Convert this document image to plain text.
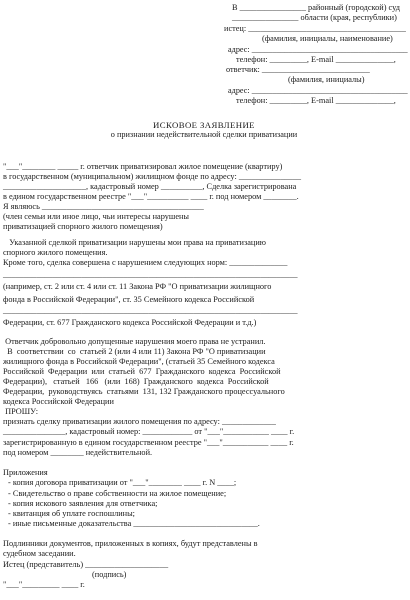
В ________________ районный (городской) суд
________________ области (края, республики)
истец: ______________________________________
(фамилия, инициалы, наименование)
адрес: ______________________________________
телефон: _________, E-mail ______________,
ответчик: __________________________
(фамилия, инициалы)
адрес: ______________________________________
телефон: _________, E-mail ______________,
ИСКОВОЕ ЗАЯВЛЕНИЕ
о признании недействительной сделки приватизации
"___"________ _____ г. ответчик приватизировал жилое помещение (квартиру)
в государственном (муниципальном) жилищном фонде по адресу: _______________
____________________, кадастровый номер __________, Сделка зарегистрирована
в едином государственном реестре "___"__________ ____ г. под номером ________.
Я являюсь _______________________________________
(член семьи или иное лицо, чьи интересы нарушены
приватизацией спорного жилого помещения)
Указанной сделкой приватизации нарушены мои права на приватизацию
спорного жилого помещения.
Кроме того, сделка совершена с нарушением следующих норм: ______________
_______________________________________________________________________
(например, ст. 2 или ст. 4 или ст. 11 Закона РФ "О приватизации жилищного
фонда в Российской Федерации", ст. 35 Семейного кодекса Российской
_______________________________________________________________________
Федерации, ст. 677 Гражданского кодекса Российской Федерации и т.д.)
Ответчик добровольно допущенные нарушения моего права не устранил.
В  соответствии  со  статьей 2 (или 4 или 11) Закона РФ "О приватизации
жилищного фонда в Российской Федерации", (статьей 35 Семейного кодекса
Российской  Федерации  или  статьей  677  Гражданского  кодекса  Российской
Федерации),   статьей   166   (или  168)  Гражданского  кодекса  Российской
Федерации,  руководствуясь  статьями  131, 132 Гражданского процессуального
кодекса Российской Федерации
ПРОШУ:
признать сделку приватизации жилого помещения по адресу: _____________
_______________, кадастровый номер: ____________ от "___"___________ ____ г.
зарегистрированную в едином государственном реестре "___"___________ ____ г.
под номером ________ недействительной.
Приложения
- копия договора приватизации от "___"________ ____ г. N ____;
- Свидетельство о праве собственности на жилое помещение;
- копия искового заявления для ответчика;
- квитанция об уплате госпошлины;
- иные письменные доказательства ______________________________.
Подлинники документов, приложенных в копиях, будут представлены в
судебном заседании.
Истец (представитель) ____________________
(подпись)
"___"_________ ____ г.
